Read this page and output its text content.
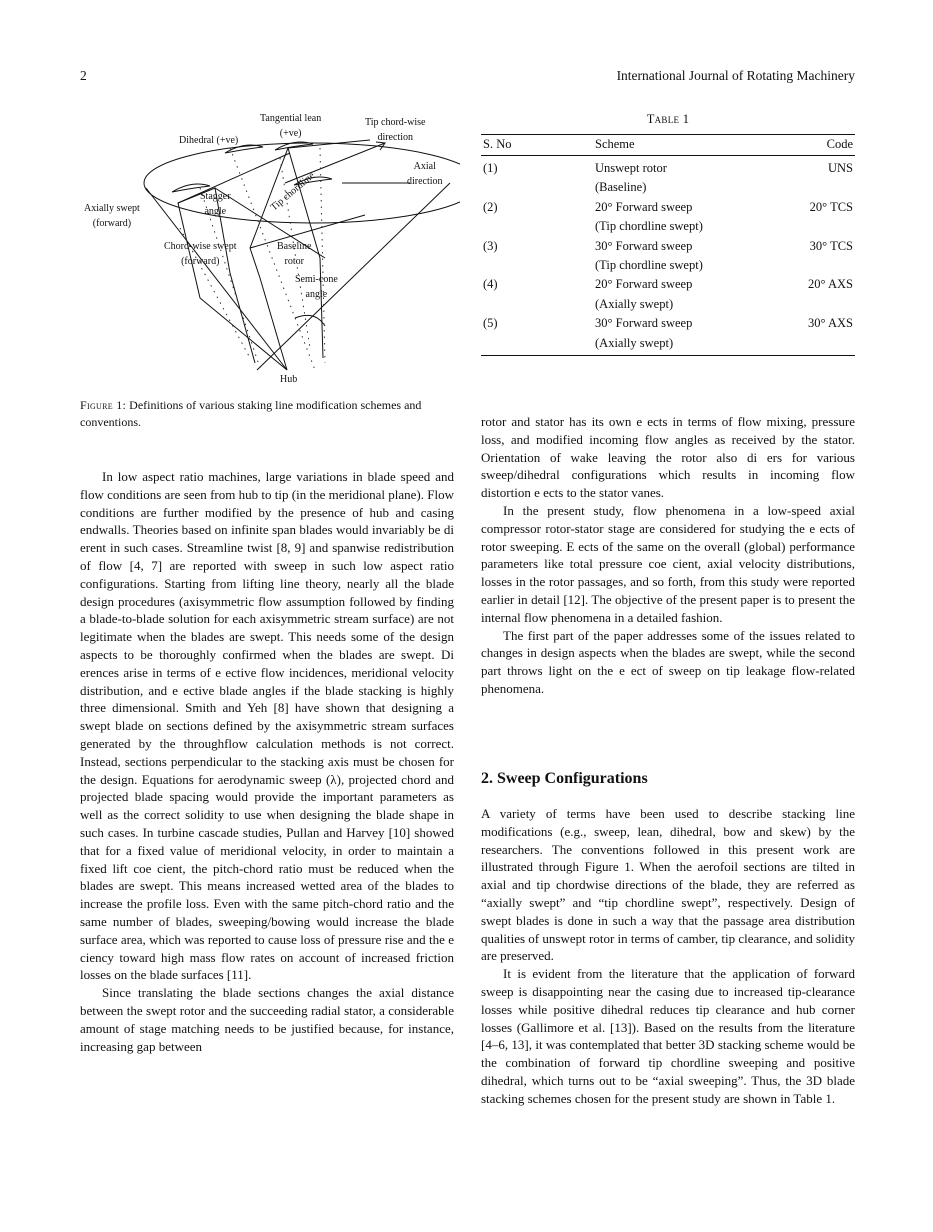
2	International Journal of Rotating Machinery
Tangential lean
(+ve)
Tip chord-wise
direction
Dihedral (+ve)
Axial
direction
Axially swept
(forward)
Stagger
angle	Tip chordline
Chord-wise swept
(forward)
Baseline
rotor
Semi-cone
angle
Hub
Figure 1: Definitions of various staking line modification schemes and conventions.
Table 1
S. No	Scheme	Code
(1)	Unswept rotor	UNS
	(Baseline)	
(2)	20° Forward sweep	20° TCS
	(Tip chordline swept)	
(3)	30° Forward sweep	30° TCS
	(Tip chordline swept)	
(4)	20° Forward sweep	20° AXS
	(Axially swept)	
(5)	30° Forward sweep	30° AXS
	(Axially swept)	

In low aspect ratio machines, large variations in blade speed and flow conditions are seen from hub to tip (in the meridional plane). Flow conditions are further modified by the presence of hub and casing endwalls. Theories based on infinite span blades would invariably be di erent in such cases. Streamline twist [8, 9] and spanwise redistribution of flow [4, 7] are reported with sweep in such low aspect ratio configurations. Starting from lifting line theory, nearly all the blade design procedures (axisymmetric flow assumption followed by finding a blade-to-blade solution for each axisymmetric stream surface) are not legitimate when the blades are swept. This needs some of the design aspects to be thoroughly confirmed when the blades are swept. Di erences arise in terms of e ective flow incidences, meridional velocity distribution, and e ective blade angles if the blade stacking is highly three dimensional. Smith and Yeh [8] have shown that designing a swept blade on sections defined by the axisymmetric stream surfaces generated by the throughflow calculation methods is not correct. Instead, sections perpendicular to the stacking axis must be chosen for the design. Equations for aerodynamic sweep (λ), projected chord and projected blade spacing would provide the important parameters as well as the correct solidity to use when designing the blade shape in such cases. In turbine cascade studies, Pullan and Harvey [10] showed that for a fixed value of meridional velocity, in order to maintain a fixed lift coe cient, the pitch-chord ratio must be reduced when the blades are swept. This means increased wetted area of the blades to increase the profile loss. Even with the same pitch-chord ratio and the same number of blades, sweeping/bowing would increase the blade surface area, which was reported to cause loss of pressure rise and the e ciency toward high mass flow rates on account of increased friction losses on the blade surfaces [11].

Since translating the blade sections changes the axial distance between the swept rotor and the succeeding radial stator, a considerable amount of stage matching needs to be justified because, for instance, increasing gap between

rotor and stator has its own e ects in terms of flow mixing, pressure loss, and modified incoming flow angles as received by the stator. Orientation of wake leaving the rotor also di ers for various sweep/dihedral configurations which results in incoming flow distortion e ects to the stator vanes.

In the present study, flow phenomena in a low-speed axial compressor rotor-stator stage are considered for studying the e ects of rotor sweeping. E ects of the same on the overall (global) performance parameters like total pressure coe cient, axial velocity distributions, losses in the rotor passages, and so forth, from this study were reported earlier in detail [12]. The objective of the present paper is to present the internal flow phenomena in a detailed fashion.

The first part of the paper addresses some of the issues related to changes in design aspects when the blades are swept, while the second part throws light on the e ect of sweep on tip leakage flow-related phenomena.

2. Sweep Configurations

A variety of terms have been used to describe stacking line modifications (e.g., sweep, lean, dihedral, bow and skew) by the researchers. The conventions followed in this present work are illustrated through Figure 1. When the aerofoil sections are tilted in axial and tip chordwise directions of the blade, they are referred as “axially swept” and “tip chordline swept”, respectively. Design of swept blades is done in such a way that the passage area distribution qualities of unswept rotor in terms of camber, tip clearance, and solidity are preserved.

It is evident from the literature that the application of forward sweep is disappointing near the casing due to increased tip-clearance losses while positive dihedral reduces tip clearance and hub corner losses (Gallimore et al. [13]). Based on the results from the literature [4–6, 13], it was contemplated that better 3D stacking scheme would be the combination of forward tip chordline sweeping and positive dihedral, which turns out to be “axial sweeping”. Thus, the 3D blade stacking schemes chosen for the present study are shown in Table 1.
